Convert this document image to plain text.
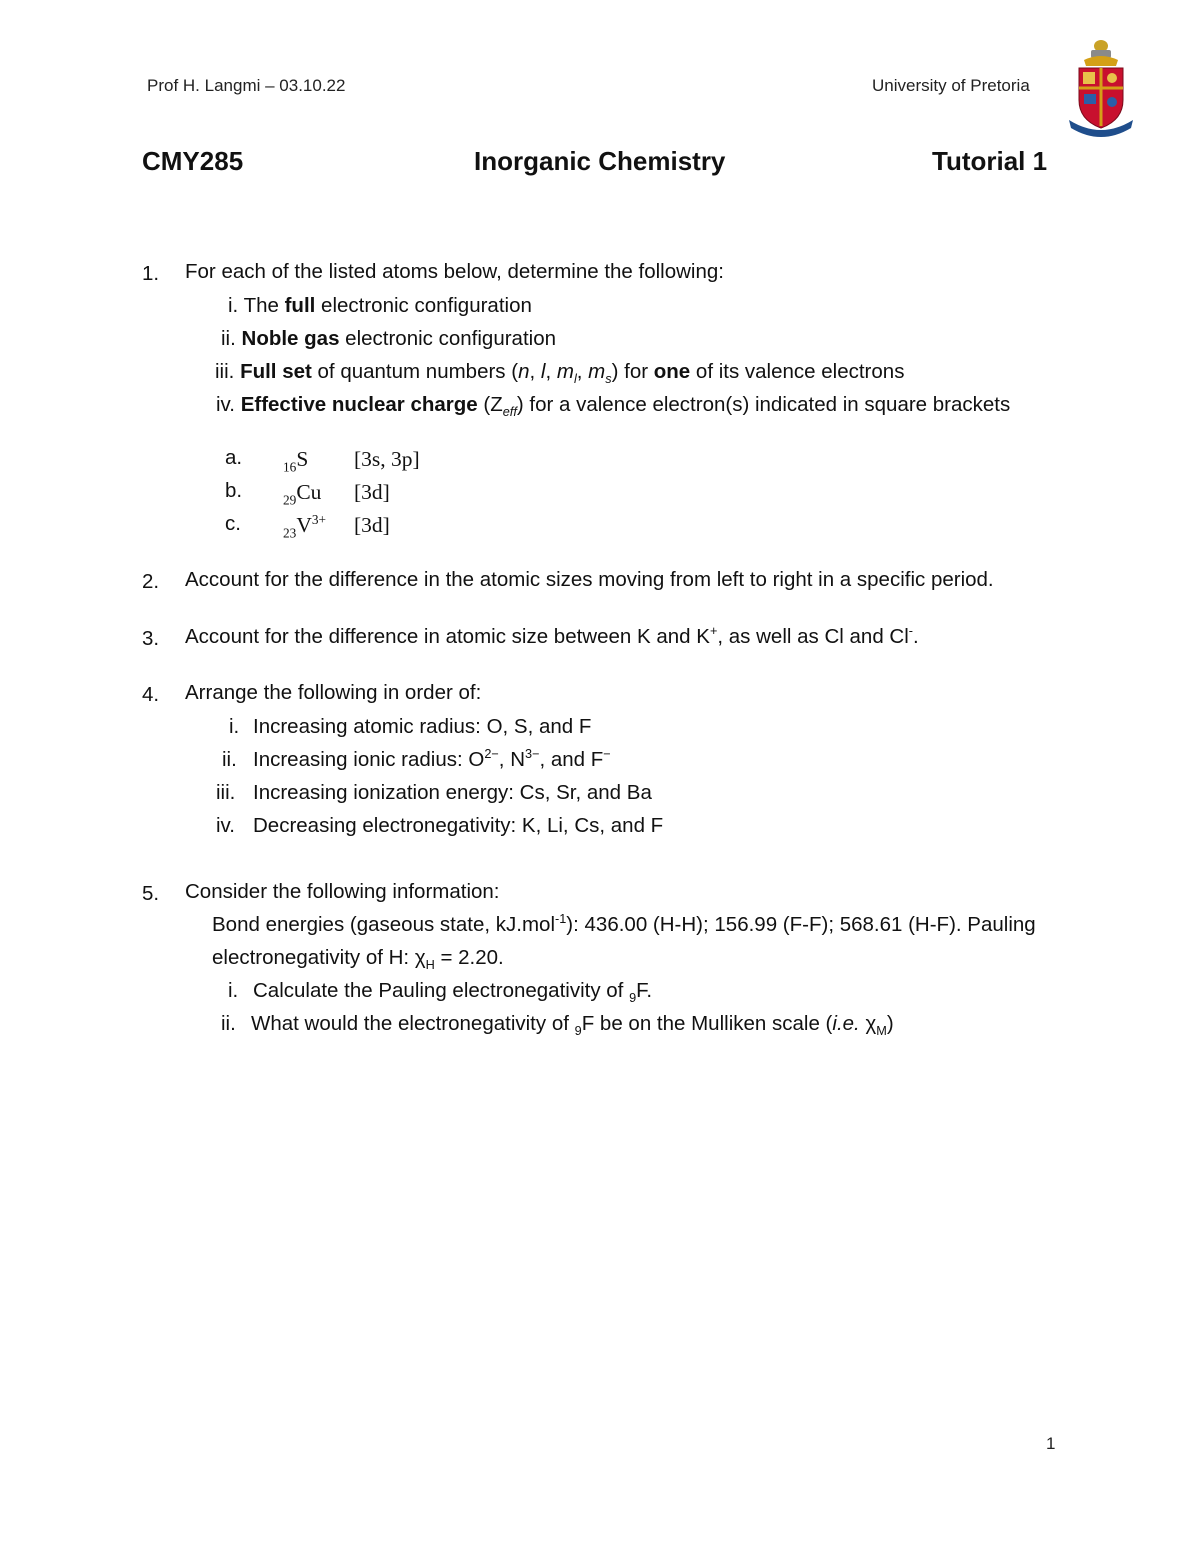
Prof H. Langmi – 03.10.22	University of Pretoria
CMY285	Inorganic Chemistry	Tutorial 1
1. For each of the listed atoms below, determine the following:
i. The full electronic configuration
ii. Noble gas electronic configuration
iii. Full set of quantum numbers (n, l, $m_l$, $m_s$) for one of its valence electrons
iv. Effective nuclear charge $(Z_{eff})$ for a valence electron(s) indicated in square brackets
a.	$_{16}$S [3s, 3p]
b.	$_{29}$Cu [3d]
c.	$_{23}V^{3+}$ [3d]
2. Account for the difference in the atomic sizes moving from left to right in a specific period.
3. Account for the difference in atomic size between K and K+, as well as Cl and Cl-.
4. Arrange the following in order of:
i. Increasing atomic radius: O, S, and F
ii. Increasing ionic radius: $O^{2-}$, $N^{3-}$, and F−
iii. Increasing ionization energy: Cs, Sr, and Ba
iv. Decreasing electronegativity: K, Li, Cs, and F
5. Consider the following information:
Bond energies (gaseous state, kJ.mol$^{-1}$): 436.00 (H-H); 156.99 (F-F); 568.61 (H-F). Pauling
electronegativity of H: $\chi_H = 2.20$.
i. Calculate the Pauling electronegativity of $_9$F.
ii. What would the electronegativity of $_9$F be on the Mulliken scale (i.e. $\chi_M$)
1
